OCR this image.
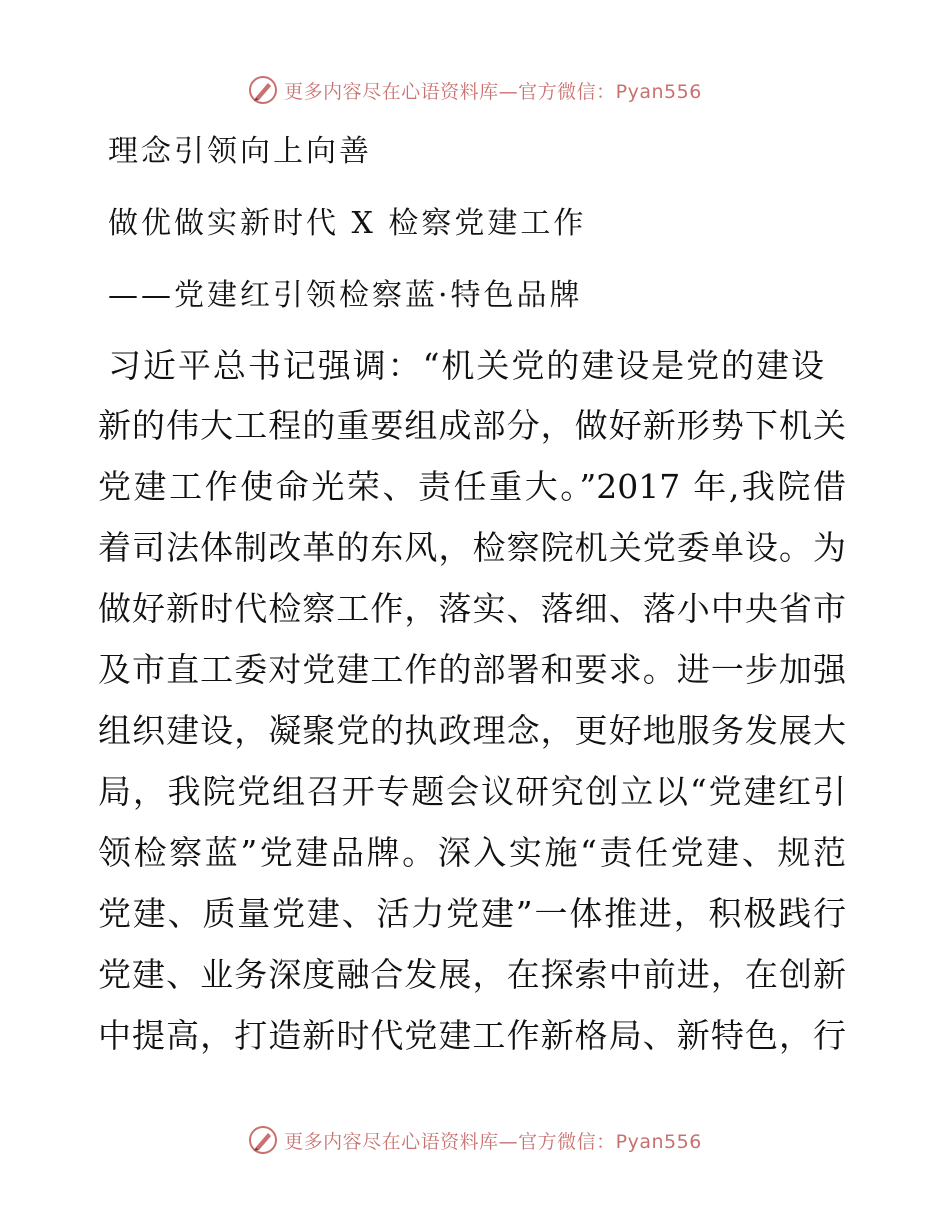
更多内容尽在心语资料库—官方微信：Pyan556
理念引领向上向善
做优做实新时代 X 检察党建工作
——党建红引领检察蓝·特色品牌
习近平总书记强调：“机关党的建设是党的建设
新的伟大工程的重要组成部分，做好新形势下机关
党建工作使命光荣、责任重大。”2017 年,我院借
着司法体制改革的东风，检察院机关党委单设。为
做好新时代检察工作，落实、落细、落小中央省市
及市直工委对党建工作的部署和要求。进一步加强
组织建设，凝聚党的执政理念，更好地服务发展大
局，我院党组召开专题会议研究创立以“党建红引
领检察蓝”党建品牌。深入实施“责任党建、规范
党建、质量党建、活力党建”一体推进，积极践行
党建、业务深度融合发展，在探索中前进，在创新
中提高，打造新时代党建工作新格局、新特色，行
更多内容尽在心语资料库—官方微信：Pyan556
